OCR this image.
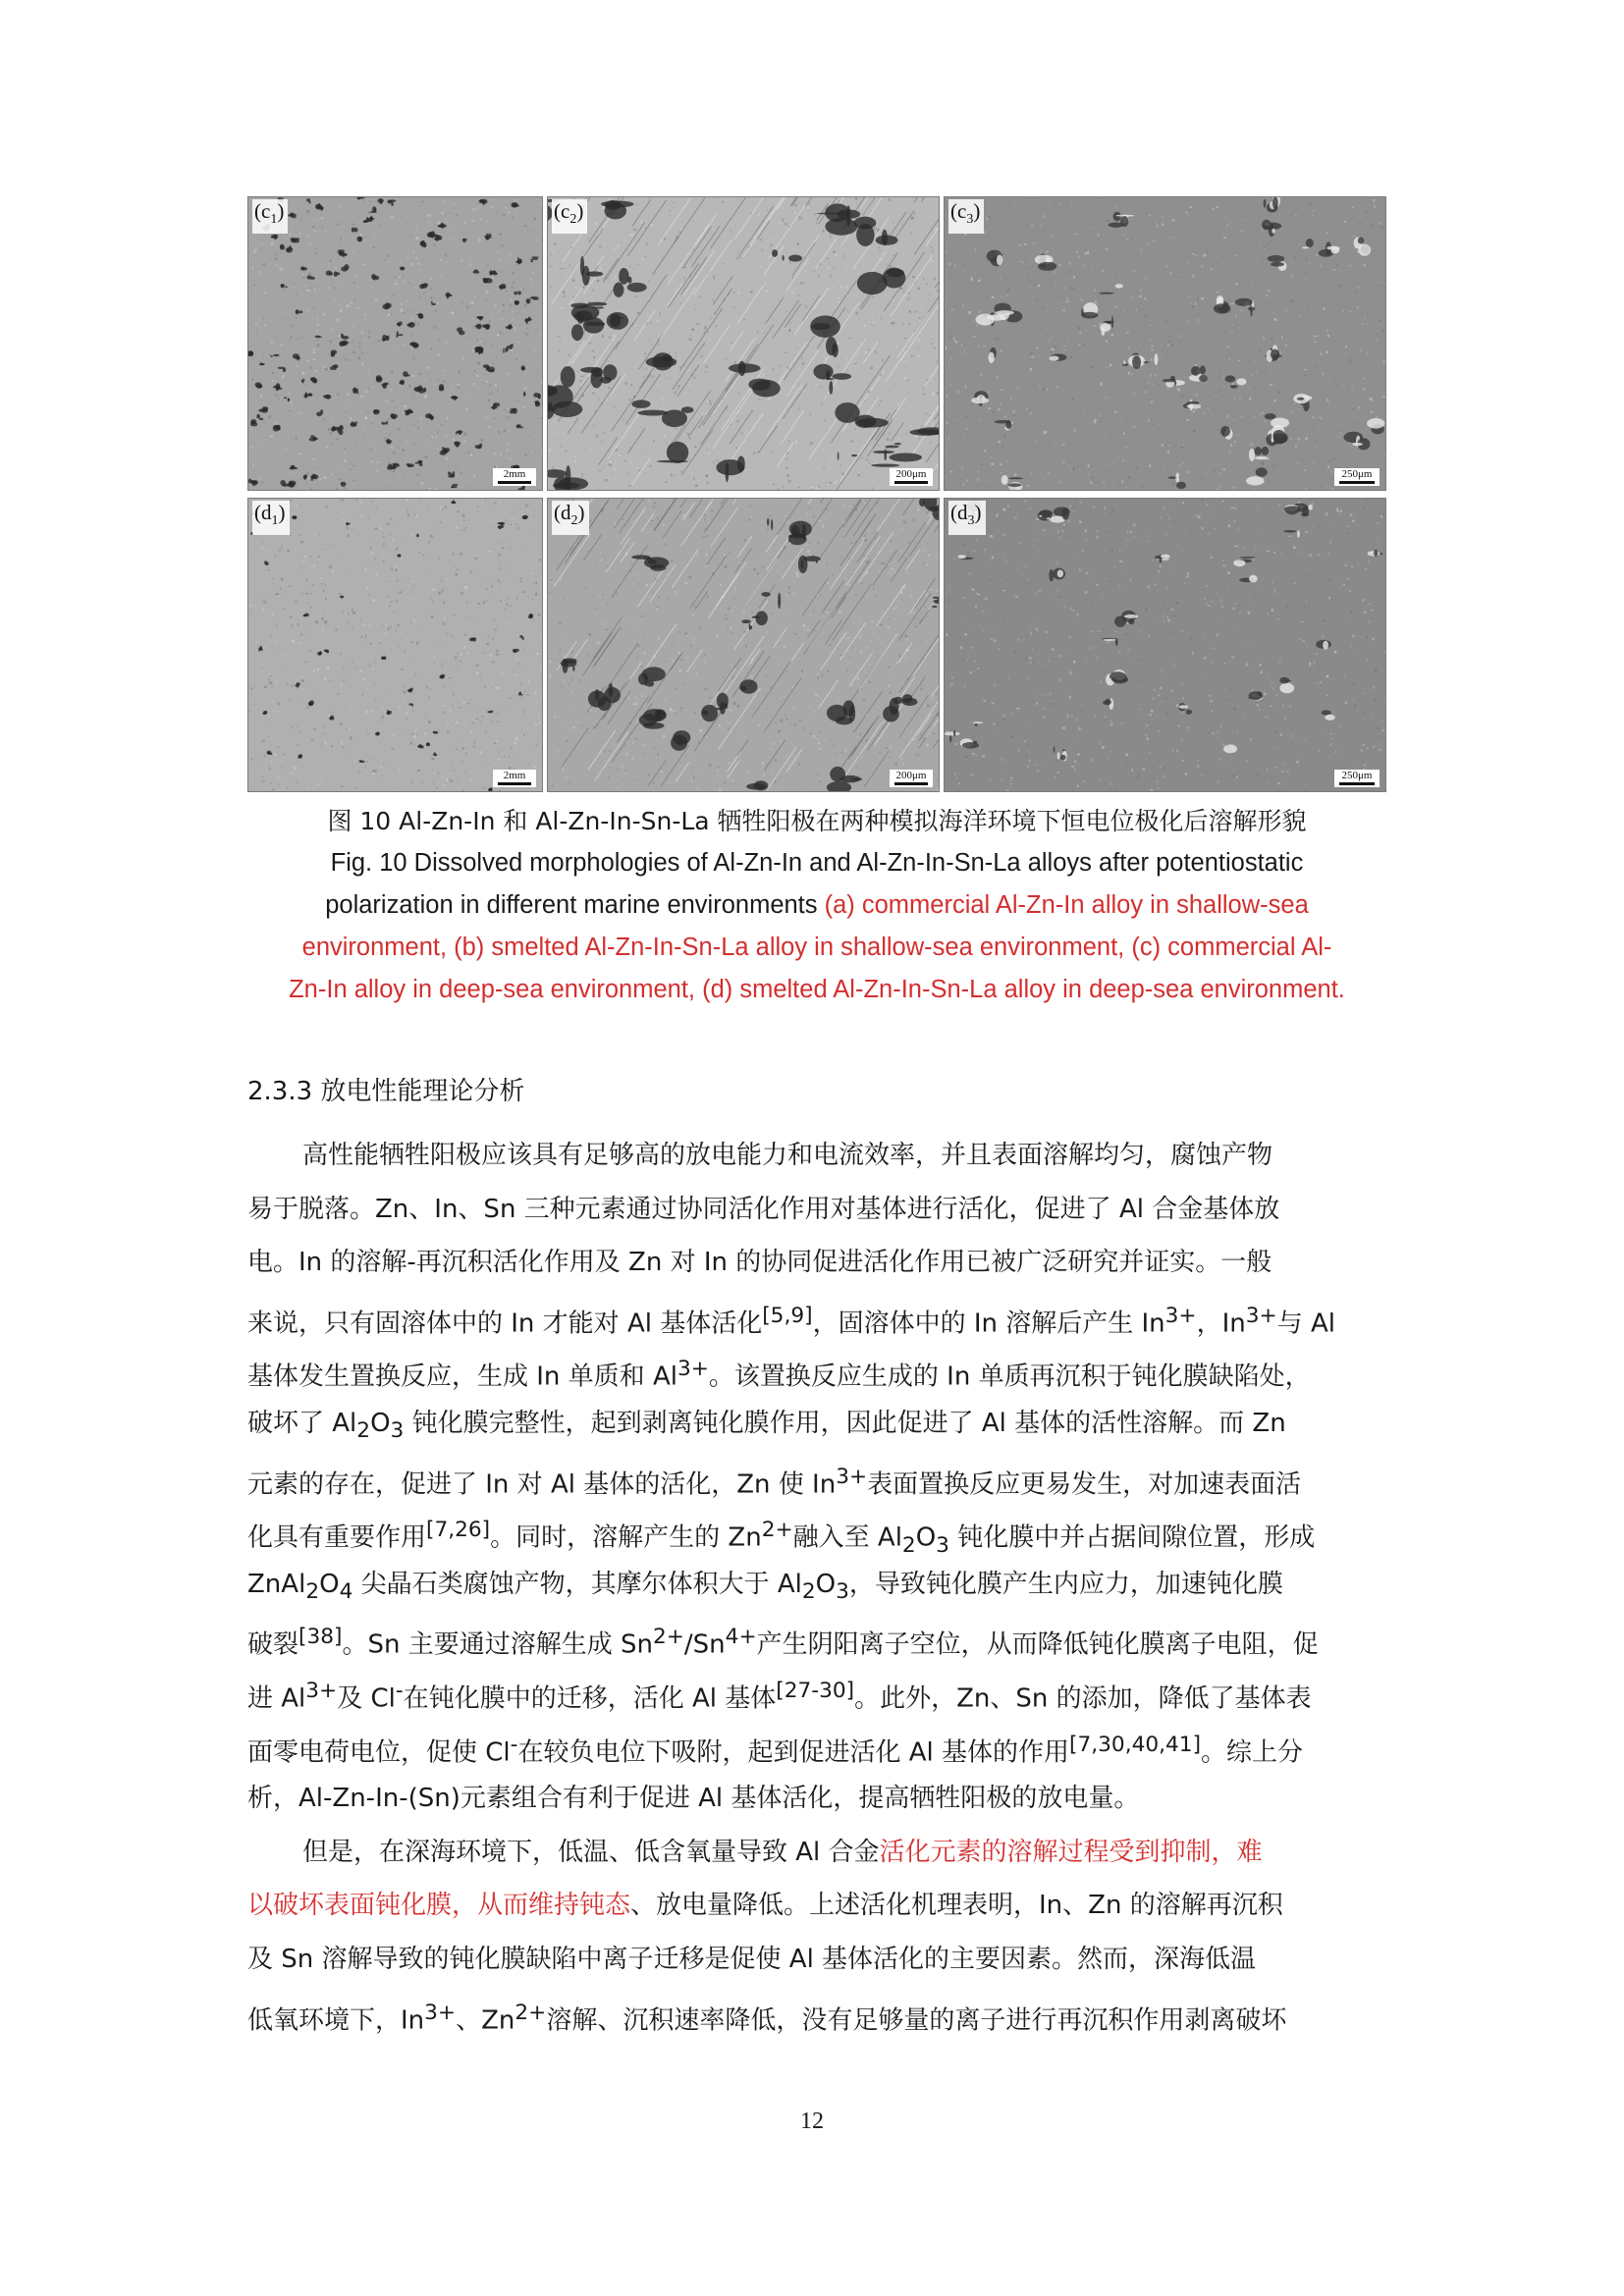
$(c_1)$
2mm
$(c_2)$
200μm
$(c_3)$
250μm
$(d_1)$
2mm
$(d_2)$
200μm
$(d_3)$
250μm
图 10 Al-Zn-In 和 Al-Zn-In-Sn-La 牺牲阳极在两种模拟海洋环境下恒电位极化后溶解形貌
Fig. 10 Dissolved morphologies of Al-Zn-In and Al-Zn-In-Sn-La alloys after potentiostatic
polarization in different marine environments (a) commercial Al-Zn-In alloy in shallow-sea
environment, (b) smelted Al-Zn-In-Sn-La alloy in shallow-sea environment, (c) commercial Al-
Zn-In alloy in deep-sea environment, (d) smelted Al-Zn-In-Sn-La alloy in deep-sea environment.
2.3.3 放电性能理论分析
高性能牺牲阳极应该具有足够高的放电能力和电流效率，并且表面溶解均匀，腐蚀产物
易于脱落。Zn、In、Sn 三种元素通过协同活化作用对基体进行活化，促进了 Al 合金基体放
电。In 的溶解-再沉积活化作用及 Zn 对 In 的协同促进活化作用已被广泛研究并证实。一般
来说，只有固溶体中的 In 才能对 Al 基体活化[5,9]，固溶体中的 In 溶解后产生 $In^{3+}$，$In^{3+}$与 Al
基体发生置换反应，生成 In 单质和 $Al^{3+}$。该置换反应生成的 In 单质再沉积于钝化膜缺陷处，
破坏了 $Al_2O_3$ 钝化膜完整性，起到剥离钝化膜作用，因此促进了 Al 基体的活性溶解。而 Zn
元素的存在，促进了 In 对 Al 基体的活化，Zn 使 $In^{3+}$表面置换反应更易发生，对加速表面活
化具有重要作用[7,26]。同时，溶解产生的 $Zn^{2+}$融入至 $Al_2O_3$ 钝化膜中并占据间隙位置，形成
$ZnAl_2O_4$ 尖晶石类腐蚀产物，其摩尔体积大于 $Al_2O_3$，导致钝化膜产生内应力，加速钝化膜
破裂[38]。Sn 主要通过溶解生成 $Sn^{2+}/Sn^{4+}$产生阴阳离子空位，从而降低钝化膜离子电阻，促
进 $Al^{3+}$及 Cl-在钝化膜中的迁移，活化 Al 基体[27-30]。此外，Zn、Sn 的添加，降低了基体表
面零电荷电位，促使 Cl-在较负电位下吸附，起到促进活化 Al 基体的作用[7,30,40,41]。综上分
析，Al-Zn-In-(Sn)元素组合有利于促进 Al 基体活化，提高牺牲阳极的放电量。
但是，在深海环境下，低温、低含氧量导致 Al 合金活化元素的溶解过程受到抑制，难
以破坏表面钝化膜，从而维持钝态、放电量降低。上述活化机理表明，In、Zn 的溶解再沉积
及 Sn 溶解导致的钝化膜缺陷中离子迁移是促使 Al 基体活化的主要因素。然而，深海低温
低氧环境下，$In^{3+}$、$Zn^{2+}$溶解、沉积速率降低，没有足够量的离子进行再沉积作用剥离破坏
12
